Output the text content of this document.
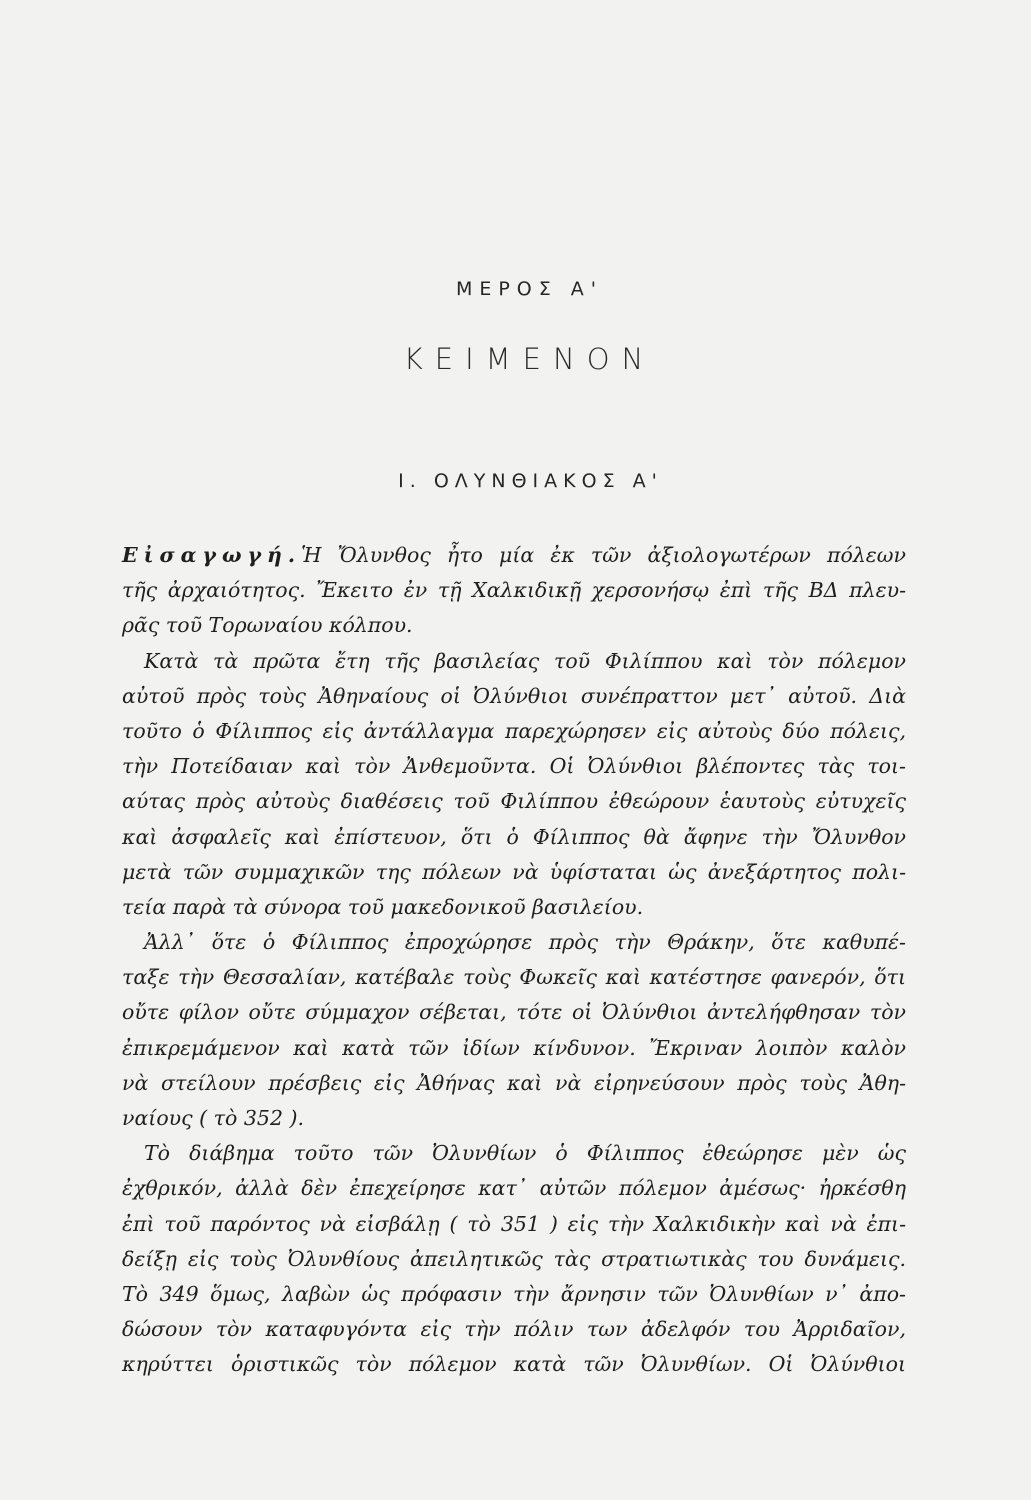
ΜΕΡΟΣ Α'
ΚΕΙΜΕΝΟΝ
Ι. ΟΛΥΝΘΙΑΚΟΣ Α'
Εἰσαγωγή.Ἡ Ὄλυνθος ἦτο μία ἐκ τῶν ἀξιολογωτέρων πόλεων
τῆς ἀρχαιότητος. Ἔκειτο ἐν τῇ Χαλκιδικῇ χερσονήσῳ ἐπὶ τῆς ΒΔ πλευ-
ρᾶς τοῦ Τορωναίου κόλπου.
Κατὰ τὰ πρῶτα ἔτη τῆς βασιλείας τοῦ Φιλίππου καὶ τὸν πόλεμον
αὐτοῦ πρὸς τοὺς Ἀθηναίους οἱ Ὀλύνθιοι συνέπραττον μετ᾽ αὐτοῦ. Διὰ
τοῦτο ὁ Φίλιππος εἰς ἀντάλλαγμα παρεχώρησεν εἰς αὐτοὺς δύο πόλεις,
τὴν Ποτείδαιαν καὶ τὸν Ἀνθεμοῦντα. Οἱ Ὀλύνθιοι βλέποντες τὰς τοι-
αύτας πρὸς αὐτοὺς διαθέσεις τοῦ Φιλίππου ἐθεώρουν ἑαυτοὺς εὐτυχεῖς
καὶ ἀσφαλεῖς καὶ ἐπίστευον, ὅτι ὁ Φίλιππος θὰ ἄφηνε τὴν Ὄλυνθον
μετὰ τῶν συμμαχικῶν της πόλεων νὰ ὑφίσταται ὡς ἀνεξάρτητος πολι-
τεία παρὰ τὰ σύνορα τοῦ μακεδονικοῦ βασιλείου.
Ἀλλ᾽ ὅτε ὁ Φίλιππος ἐπροχώρησε πρὸς τὴν Θράκην, ὅτε καθυπέ-
ταξε τὴν Θεσσαλίαν, κατέβαλε τοὺς Φωκεῖς καὶ κατέστησε φανερόν, ὅτι
οὔτε φίλον οὔτε σύμμαχον σέβεται, τότε οἱ Ὀλύνθιοι ἀντελήφθησαν τὸν
ἐπικρεμάμενον καὶ κατὰ τῶν ἰδίων κίνδυνον. Ἔκριναν λοιπὸν καλὸν
νὰ στείλουν πρέσβεις εἰς Ἀθήνας καὶ νὰ εἰρηνεύσουν πρὸς τοὺς Ἀθη-
ναίους ( τὸ 352 ).
Τὸ διάβημα τοῦτο τῶν Ὀλυνθίων ὁ Φίλιππος ἐθεώρησε μὲν ὡς
ἐχθρικόν, ἀλλὰ δὲν ἐπεχείρησε κατ᾽ αὐτῶν πόλεμον ἀμέσως· ἠρκέσθη
ἐπὶ τοῦ παρόντος νὰ εἰσβάλῃ ( τὸ 351 ) εἰς τὴν Χαλκιδικὴν καὶ νὰ ἐπι-
δείξῃ εἰς τοὺς Ὀλυνθίους ἀπειλητικῶς τὰς στρατιωτικὰς του δυνάμεις.
Τὸ 349 ὅμως, λαβὼν ὡς πρόφασιν τὴν ἄρνησιν τῶν Ὀλυνθίων ν᾽ ἀπο-
δώσουν τὸν καταφυγόντα εἰς τὴν πόλιν των ἀδελφόν του Ἀρριδαῖον,
κηρύττει ὁριστικῶς τὸν πόλεμον κατὰ τῶν Ὀλυνθίων. Οἱ Ὀλύνθιοι
